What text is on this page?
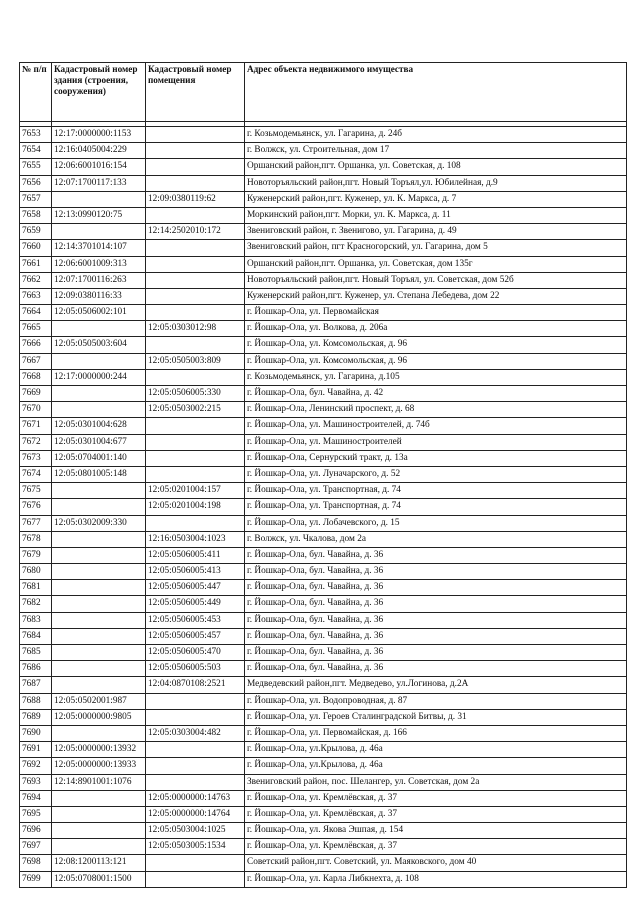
№ п/п	Кадастровый номер здания (строения, сооружения)	Кадастровый номер помещения	Адрес объекта недвижимого имущества

7653	12:17:0000000:1153		г. Козьмодемьянск, ул. Гагарина, д. 24б
7654	12:16:0405004:229		г. Волжск, ул. Строительная, дом 17
7655	12:06:6001016:154		Оршанский район,пгт. Оршанка, ул. Советская, д. 108
7656	12:07:1700117:133		Новоторъяльский район,пгт. Новый Торъял,ул. Юбилейная, д.9
7657		12:09:0380119:62	Куженерский район,пгт. Куженер, ул. К. Маркса, д. 7
7658	12:13:0990120:75		Моркинский район,пгт. Морки, ул. К. Маркса, д. 11
7659		12:14:2502010:172	Звениговский район, г. Звенигово, ул. Гагарина, д. 49
7660	12:14:3701014:107		Звениговский район, пгт Красногорский, ул. Гагарина, дом 5
7661	12:06:6001009:313		Оршанский район,пгт. Оршанка, ул. Советская, дом 135г
7662	12:07:1700116:263		Новоторъяльский район,пгт. Новый Торъял, ул. Советская, дом 52б
7663	12:09:0380116:33		Куженерский район,пгт. Куженер, ул. Степана Лебедева, дом 22
7664	12:05:0506002:101		г. Йошкар-Ола, ул. Первомайская
7665		12:05:0303012:98	г. Йошкар-Ола, ул. Волкова, д. 206а
7666	12:05:0505003:604		г. Йошкар-Ола, ул. Комсомольская, д. 96
7667		12:05:0505003:809	г. Йошкар-Ола, ул. Комсомольская, д. 96
7668	12:17:0000000:244		г. Козьмодемьянск, ул. Гагарина, д.105
7669		12:05:0506005:330	г. Йошкар-Ола, бул. Чавайна, д. 42
7670		12:05:0503002:215	г. Йошкар-Ола, Ленинский проспект, д. 68
7671	12:05:0301004:628		г. Йошкар-Ола, ул. Машиностроителей, д. 74б
7672	12:05:0301004:677		г. Йошкар-Ола, ул. Машиностроителей
7673	12:05:0704001:140		г. Йошкар-Ола, Сернурский тракт, д. 13а
7674	12:05:0801005:148		г. Йошкар-Ола, ул. Луначарского, д. 52
7675		12:05:0201004:157	г. Йошкар-Ола, ул. Транспортная, д. 74
7676		12:05:0201004:198	г. Йошкар-Ола, ул. Транспортная, д. 74
7677	12:05:0302009:330		г. Йошкар-Ола, ул. Лобачевского, д. 15
7678		12:16:0503004:1023	г. Волжск, ул. Чкалова, дом 2а
7679		12:05:0506005:411	г. Йошкар-Ола, бул. Чавайна, д. 36
7680		12:05:0506005:413	г. Йошкар-Ола, бул. Чавайна, д. 36
7681		12:05:0506005:447	г. Йошкар-Ола, бул. Чавайна, д. 36
7682		12:05:0506005:449	г. Йошкар-Ола, бул. Чавайна, д. 36
7683		12:05:0506005:453	г. Йошкар-Ола, бул. Чавайна, д. 36
7684		12:05:0506005:457	г. Йошкар-Ола, бул. Чавайна, д. 36
7685		12:05:0506005:470	г. Йошкар-Ола, бул. Чавайна, д. 36
7686		12:05:0506005:503	г. Йошкар-Ола, бул. Чавайна, д. 36
7687		12:04:0870108:2521	Медведевский район,пгт. Медведево, ул.Логинова, д.2А
7688	12:05:0502001:987		г. Йошкар-Ола, ул. Водопроводная, д. 87
7689	12:05:0000000:9805		г. Йошкар-Ола, ул. Героев Сталинградской Битвы, д. 31
7690		12:05:0303004:482	г. Йошкар-Ола, ул. Первомайская, д. 166
7691	12:05:0000000:13932		г. Йошкар-Ола, ул.Крылова, д. 46а
7692	12:05:0000000:13933		г. Йошкар-Ола, ул.Крылова, д. 46а
7693	12:14:8901001:1076		Звениговский район, пос. Шелангер, ул. Советская, дом 2а
7694		12:05:0000000:14763	г. Йошкар-Ола, ул. Кремлёвская, д. 37
7695		12:05:0000000:14764	г. Йошкар-Ола, ул. Кремлёвская, д. 37
7696		12:05:0503004:1025	г. Йошкар-Ола, ул. Якова Эшпая, д. 154
7697		12:05:0503005:1534	г. Йошкар-Ола, ул. Кремлёвская, д. 37
7698	12:08:1200113:121		Советский район,пгт. Советский, ул. Маяковского, дом 40
7699	12:05:0708001:1500		г. Йошкар-Ола, ул. Карла Либкнехта, д. 108
